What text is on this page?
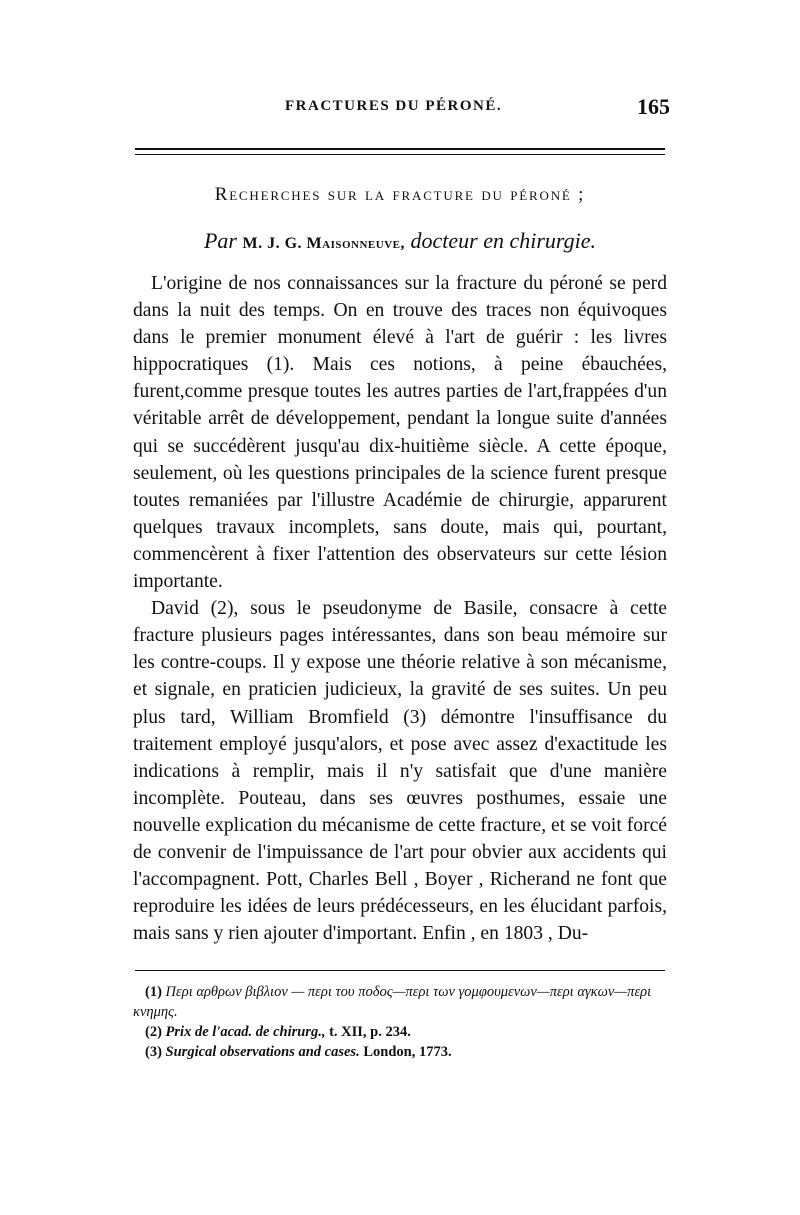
FRACTURES DU PÉRONÉ.	165
Recherches sur la fracture du péroné ;
Par M. J. G. Maisonneuve, docteur en chirurgie.

L'origine de nos connaissances sur la fracture du péroné se perd dans la nuit des temps. On en trouve des traces non équivoques dans le premier monument élevé à l'art de guérir : les livres hippocratiques (1). Mais ces notions, à peine ébauchées, furent,comme presque toutes les autres parties de l'art,frappées d'un véritable arrêt de développement, pendant la longue suite d'années qui se succédèrent jusqu'au dix-huitième siècle. A cette époque, seulement, où les questions principales de la science furent presque toutes remaniées par l'illustre Académie de chirurgie, apparurent quelques travaux incomplets, sans doute, mais qui, pourtant, commencèrent à fixer l'attention des observateurs sur cette lésion importante.

David (2), sous le pseudonyme de Basile, consacre à cette fracture plusieurs pages intéressantes, dans son beau mémoire sur les contre-coups. Il y expose une théorie relative à son mécanisme, et signale, en praticien judicieux, la gravité de ses suites. Un peu plus tard, William Bromfield (3) démontre l'insuffisance du traitement employé jusqu'alors, et pose avec assez d'exactitude les indications à remplir, mais il n'y satisfait que d'une manière incomplète. Pouteau, dans ses œuvres posthumes, essaie une nouvelle explication du mécanisme de cette fracture, et se voit forcé de convenir de l'impuissance de l'art pour obvier aux accidents qui l'accompagnent. Pott, Charles Bell , Boyer , Richerand ne font que reproduire les idées de leurs prédécesseurs, en les élucidant parfois, mais sans y rien ajouter d'important. Enfin , en 1803 , Du-

(1) Περι αρθρων βιβλιον — περι του ποδος—περι των γομφουμενων—περι αγκων—περι κνημης.

(2) Prix de l'acad. de chirurg., t. XII, p. 234.

(3) Surgical observations and cases. London, 1773.
